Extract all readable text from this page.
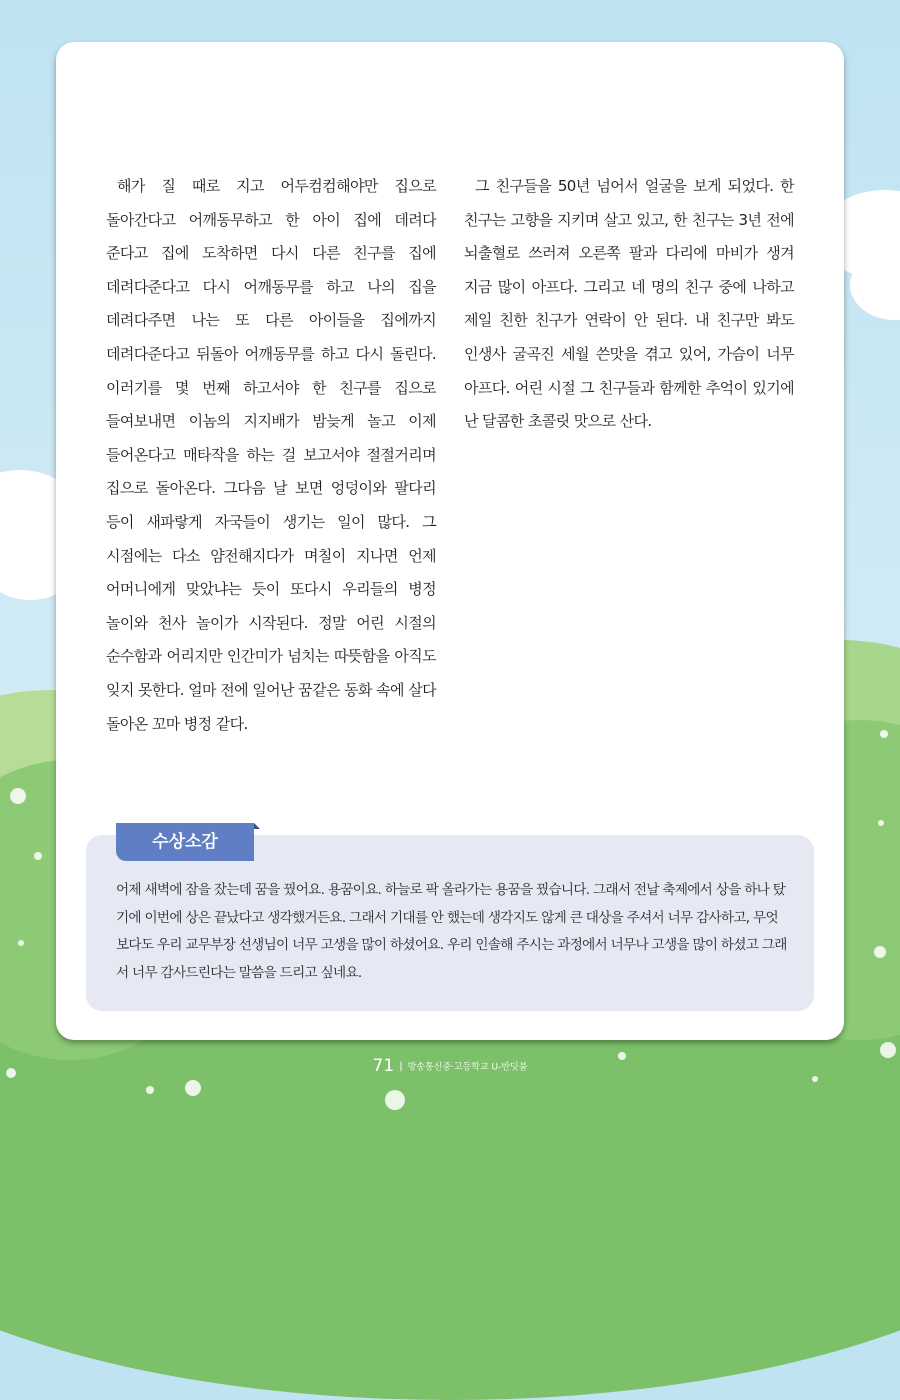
해가 질 때로 지고 어두컴컴해야만 집으로 돌아간다고 어깨동무하고 한 아이 집에 데려다 준다고 집에 도착하면 다시 다른 친구를 집에 데려다준다고 다시 어깨동무를 하고 나의 집을 데려다주면 나는 또 다른 아이들을 집에까지 데려다준다고 뒤돌아 어깨동무를 하고 다시 돌린다. 이러기를 몇 번째 하고서야 한 친구를 집으로 들여보내면 이놈의 지지배가 밤늦게 놀고 이제 들어온다고 매타작을 하는 걸 보고서야 절절거리며 집으로 돌아온다. 그다음 날 보면 엉덩이와 팔다리 등이 새파랗게 자국들이 생기는 일이 많다. 그 시점에는 다소 얌전해지다가 며칠이 지나면 언제 어머니에게 맞았냐는 듯이 또다시 우리들의 병정 놀이와 천사 놀이가 시작된다. 정말 어린 시절의 순수함과 어리지만 인간미가 넘치는 따뜻함을 아직도 잊지 못한다. 얼마 전에 일어난 꿈같은 동화 속에 살다 돌아온 꼬마 병정 같다.

그 친구들을 50년 넘어서 얼굴을 보게 되었다. 한 친구는 고향을 지키며 살고 있고, 한 친구는 3년 전에 뇌출혈로 쓰러져 오른쪽 팔과 다리에 마비가 생겨 지금 많이 아프다. 그리고 네 명의 친구 중에 나하고 제일 친한 친구가 연락이 안 된다. 내 친구만 봐도 인생사 굴곡진 세월 쓴맛을 겪고 있어, 가슴이 너무 아프다. 어린 시절 그 친구들과 함께한 추억이 있기에 난 달콤한 초콜릿 맛으로 산다.

수상소감

어제 새벽에 잠을 잤는데 꿈을 꿨어요. 용꿈이요. 하늘로 팍 올라가는 용꿈을 꿨습니다. 그래서 전날 축제에서 상을 하나 탔기에 이번에 상은 끝났다고 생각했거든요. 그래서 기대를 안 했는데 생각지도 않게 큰 대상을 주셔서 너무 감사하고, 무엇보다도 우리 교무부장 선생님이 너무 고생을 많이 하셨어요. 우리 인솔해 주시는 과정에서 너무나 고생을 많이 하셨고 그래서 너무 감사드린다는 말씀을 드리고 싶네요.

71 | 방송통신중·고등학교 U-반딧불
